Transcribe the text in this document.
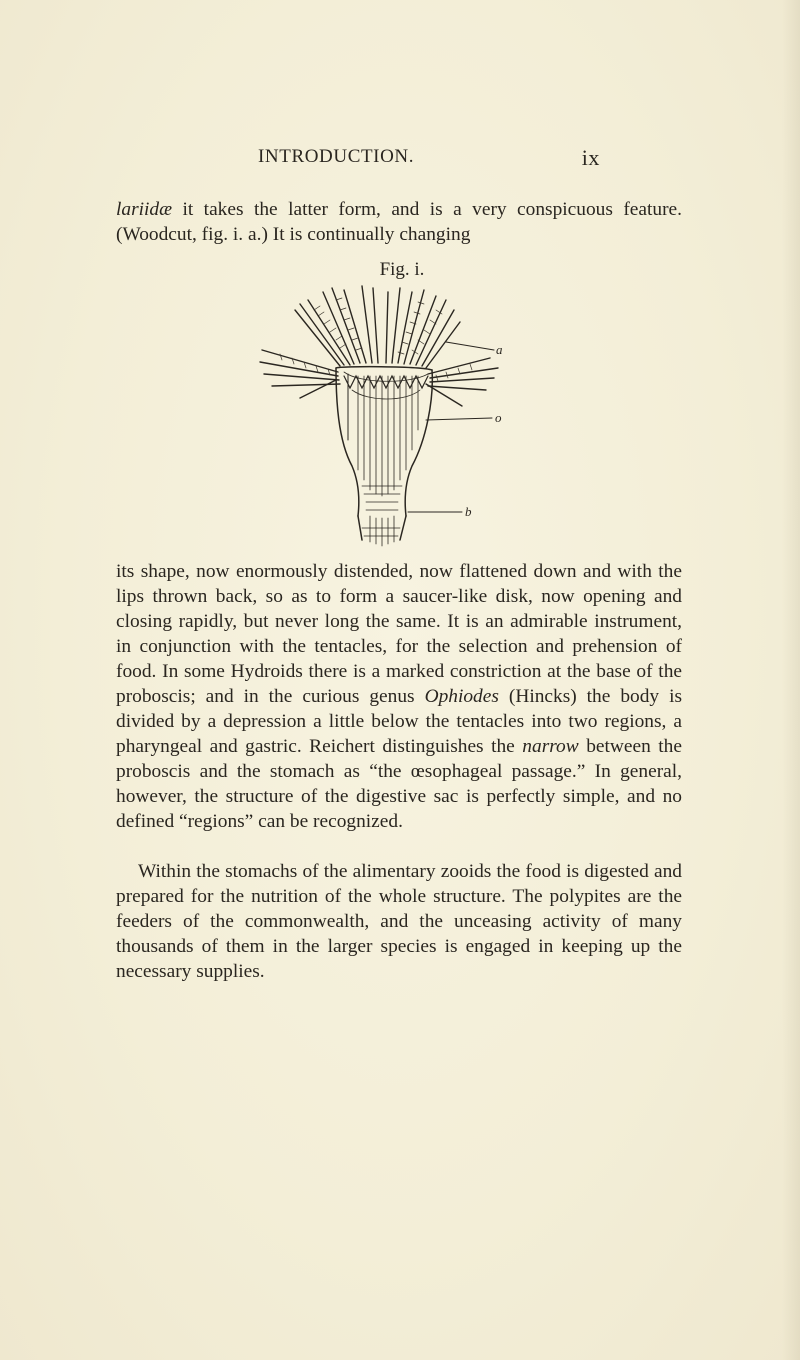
INTRODUCTION.	ix

lariidæ it takes the latter form, and is a very conspicuous feature. (Woodcut, fig. i. a.) It is continually changing

Fig. i.
a
o
b

its shape, now enormously distended, now flattened down and with the lips thrown back, so as to form a saucer-like disk, now opening and closing rapidly, but never long the same. It is an admirable instrument, in conjunction with the tentacles, for the selection and prehension of food. In some Hydroids there is a marked constriction at the base of the proboscis; and in the curious genus Ophiodes (Hincks) the body is divided by a depression a little below the tentacles into two regions, a pharyngeal and gastric. Reichert distinguishes the narrow between the proboscis and the stomach as “the œsophageal passage.” In general, however, the structure of the digestive sac is perfectly simple, and no defined “regions” can be recognized.

Within the stomachs of the alimentary zooids the food is digested and prepared for the nutrition of the whole structure. The polypites are the feeders of the commonwealth, and the unceasing activity of many thousands of them in the larger species is engaged in keeping up the necessary supplies.
